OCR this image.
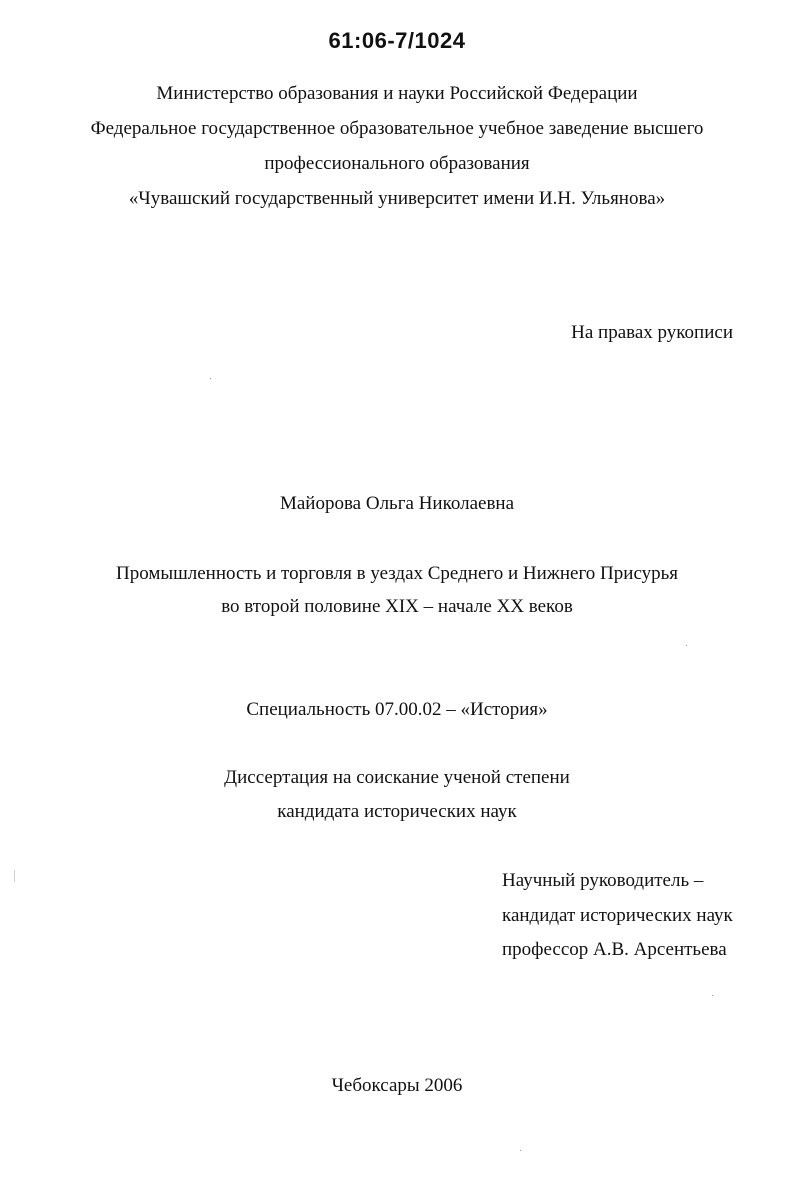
61:06-7/1024
Министерство образования и науки Российской Федерации
Федеральное государственное образовательное учебное заведение высшего
профессионального образования
«Чувашский государственный университет имени И.Н. Ульянова»
На правах рукописи
Майорова Ольга Николаевна
Промышленность и торговля в уездах Среднего и Нижнего Присурья
во второй половине XIX – начале XX веков
Специальность 07.00.02 – «История»
Диссертация на соискание ученой степени
кандидата исторических наук
Научный руководитель –
кандидат исторических наук
профессор А.В. Арсентьева
Чебоксары 2006
